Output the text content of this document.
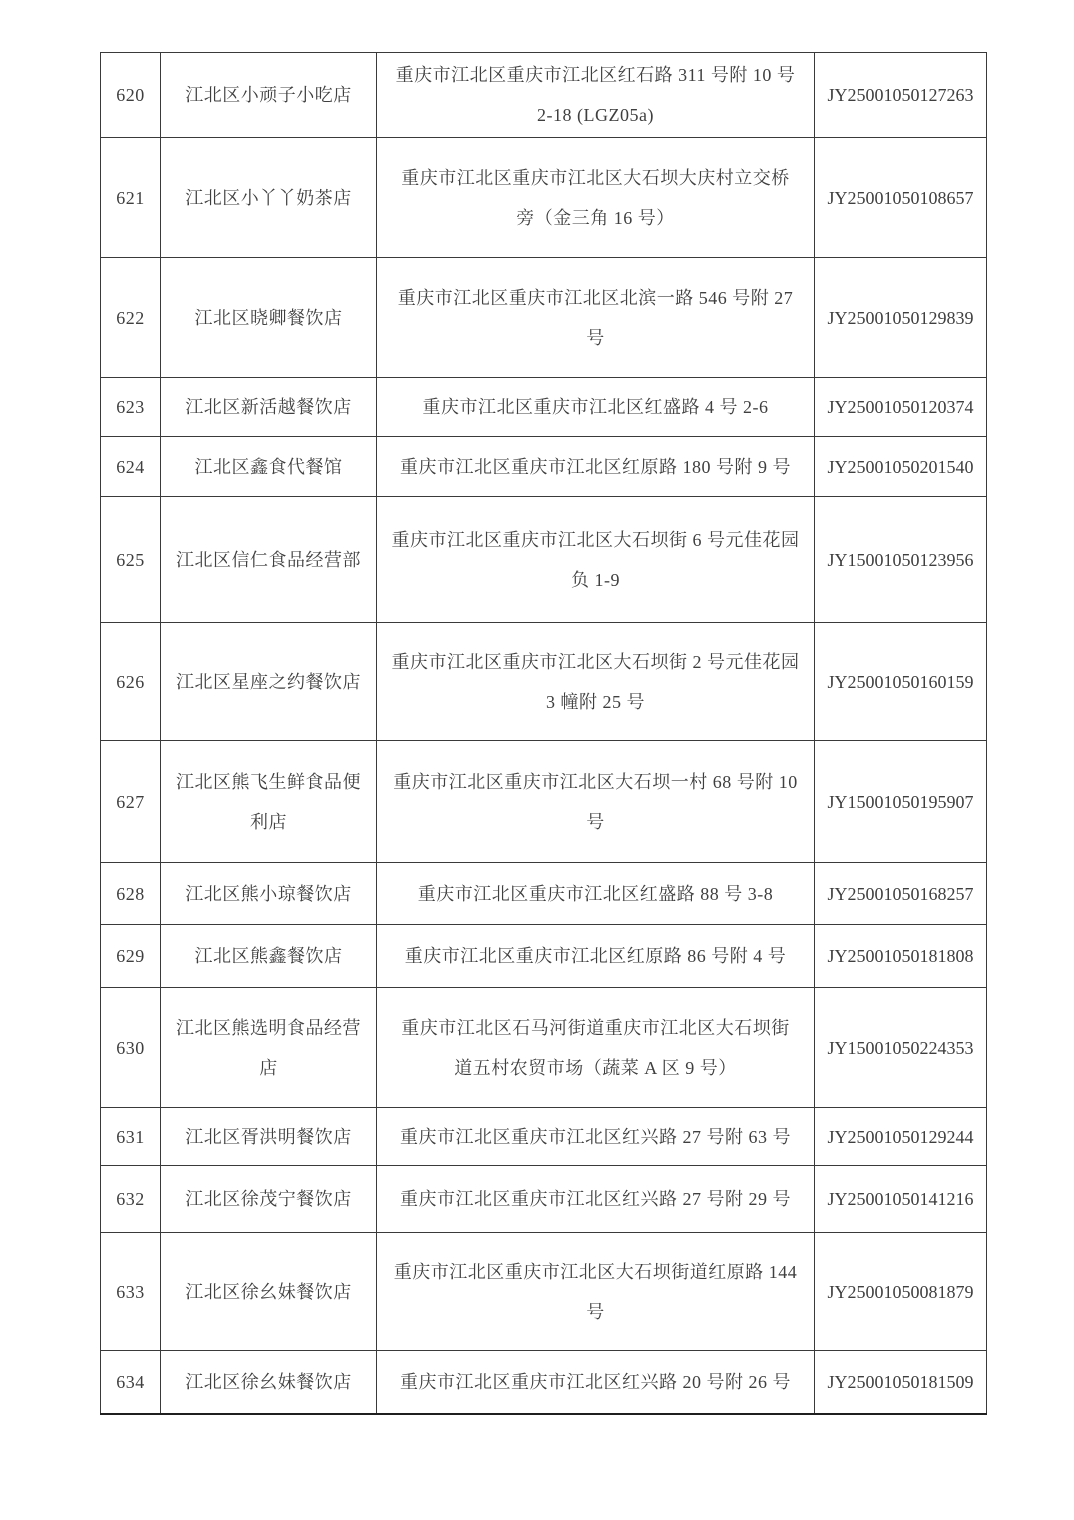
620	江北区小顽子小吃店	重庆市江北区重庆市江北区红石路 311 号附 10 号
2-18 (LGZ05a)	JY25001050127263
621	江北区小丫丫奶茶店	重庆市江北区重庆市江北区大石坝大庆村立交桥
旁（金三角 16 号）	JY25001050108657
622	江北区晓卿餐饮店	重庆市江北区重庆市江北区北滨一路 546 号附 27
号	JY25001050129839
623	江北区新活越餐饮店	重庆市江北区重庆市江北区红盛路 4 号 2-6	JY25001050120374
624	江北区鑫食代餐馆	重庆市江北区重庆市江北区红原路 180 号附 9 号	JY25001050201540
625	江北区信仁食品经营部	重庆市江北区重庆市江北区大石坝街 6 号元佳花园
负 1-9	JY15001050123956
626	江北区星座之约餐饮店	重庆市江北区重庆市江北区大石坝街 2 号元佳花园
3 幢附 25 号	JY25001050160159
627	江北区熊飞生鲜食品便
利店	重庆市江北区重庆市江北区大石坝一村 68 号附 10
号	JY15001050195907
628	江北区熊小琼餐饮店	重庆市江北区重庆市江北区红盛路 88 号 3-8	JY25001050168257
629	江北区熊鑫餐饮店	重庆市江北区重庆市江北区红原路 86 号附 4 号	JY25001050181808
630	江北区熊选明食品经营
店	重庆市江北区石马河街道重庆市江北区大石坝街
道五村农贸市场（蔬菜 A 区 9 号）	JY15001050224353
631	江北区胥洪明餐饮店	重庆市江北区重庆市江北区红兴路 27 号附 63 号	JY25001050129244
632	江北区徐茂宁餐饮店	重庆市江北区重庆市江北区红兴路 27 号附 29 号	JY25001050141216
633	江北区徐幺妹餐饮店	重庆市江北区重庆市江北区大石坝街道红原路 144
号	JY25001050081879
634	江北区徐幺妹餐饮店	重庆市江北区重庆市江北区红兴路 20 号附 26 号	JY25001050181509
